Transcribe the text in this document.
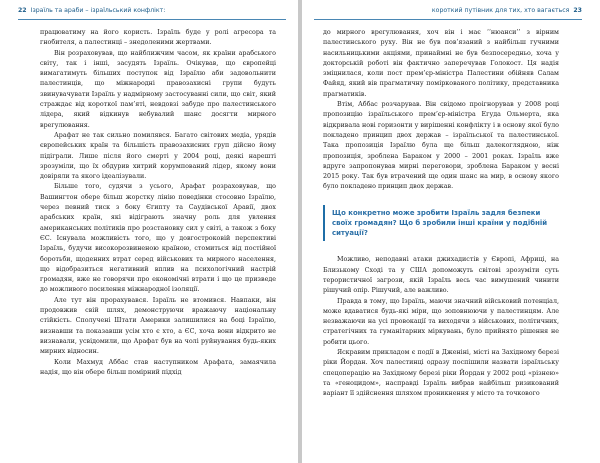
22 Ізраїль та араби – ізраїльський конфлікт:

працюватиму на його користь. Ізраїль буде у ролі агресора та гнобителя, а палестинці – знедоленими жертвами.

Він розраховував, що найближчим часом, як країни арабського світу, так і інші, засудять Ізраїль. Очікував, що європейці вимагатимуть більших поступок від Ізраїлю аби задовольнити палестинців, що міжнародні правозахисні групи будуть звинувачувати Ізраїль у надмірному застосуванні сили, що світ, який страждає від короткої пам’яті, невдовзі забуде про палестинського лідера, який відкинув небувалий шанс досягти мирного врегулювання.

Арафат не так сильно помилявся. Багато світових медіа, урядів європейських країн та більшість правозахисних груп дійсно йому підіграли. Лише після його смерті у 2004 році, деякі нарешті зрозуміли, що їх обдурив хитрий корумпований лідер, якому вони довіряли та якого ідеалізували.

Більше того, судячи з усього, Арафат розраховував, що Вашингтон обере більш жорстку лінію поведінки стосовно Ізраїлю, через певний тиск з боку Єгипту та Саудівської Аравії, двох арабських країн, які відіграють значну роль для увлення американських політиків про розстановку сил у світі, а також з боку ЄС. Існувала можливість того, що у довгостроковій перспективі Ізраїль, будучи високорозвиненою країною, стомиться від постійної боротьби, щоденних втрат серед військових та мирного населення, що відобразиться негативний вплив на психологічний настрій громадян, вже не говорячи про економічні втрати і що це призведе до можливого посилення міжнародної ізоляції.

Але тут він прорахувався. Ізраїль не втомився. Навпаки, він продовжив свій шлях, демонструючи вражаючу національну стійкість. Сполучені Штати Америки залишилися на боці Ізраїлю, визнавши та показавши усім хто є хто, а ЄС, хоча вони відкрито не визнавали, усвідомили, що Арафат був на чолі руйнування будь-яких мирних відносин.

Коли Махмуд Аббас став наступником Арафата, замаячила надія, що він обере більш помірний підхід

короткий путівник для тих, хто вагається 23

до мирного врегулювання, хоч він і має ‘‘нюанси’’ з вірним палестинського руху. Він не був пов’язаний з найбільш гучними насильницькими акціями, принаймні не був безпосередньо, хоча у докторській роботі він фактично заперечував Голокост. Ця надія зміцнилася, коли пост прем’єр-міністра Палестини обійняв Салам Файяд, який вів прагматичну поміркованого політику, представника прагматиків.

Втім, Аббас розчарував. Він свідомо проігнорував у 2008 році пропозицію ізраїльського прем’єр-міністра Егуда Ольмерта, яка відкривала нові горизонти у вирішенні конфлікту і в основу якої було покладено принцип двох держав – ізраїльської та палестинської. Така пропозиція Ізраїлю була ще більш далекоглядною, ніж пропозиція, зроблена Бараком у 2000 – 2001 роках. Ізраїль вже вдруге запропонував мирні переговори, зроблена Бараком у весні 2015 року. Так був втрачений ще один шанс на мир, в основу якого було покладено принцип двох держав.

Що конкретно може зробити Ізраїль задля безпеки своїх громадян? Що б зробили інші країни у подібній ситуації?

Можливо, неподавні атаки джихадистів у Європі, Африці, на Близькому Сході та у США допоможуть світові зрозуміти суть терористичної загрози, якій Ізраїль весь час вимушений чинити рішучий опір. Рішучий, але важливо.

Правда в тому, що Ізраїль, маючи значний військовий потенціал, може вдаватися будь-які міри, що зоповнюючи у палестинцям. Але незважаючи на усі провокації та виходячи з військових, політичних, стратегічних та гуманітарних міркувань, було прийнято рішення не робити цього.

Яскравим прикладом є події в Дженіні, місті на Західному березі ріки Йордан. Хоч палестинці одразу поспішили назвати ізраїльську спецоперацію на Західному березі ріки Йордан у 2002 році «різнею» та «геноцидом», насправді Ізраїль вибрав найбільш ризикований варіант її здійснення шляхом проникнення у місто та точкового
